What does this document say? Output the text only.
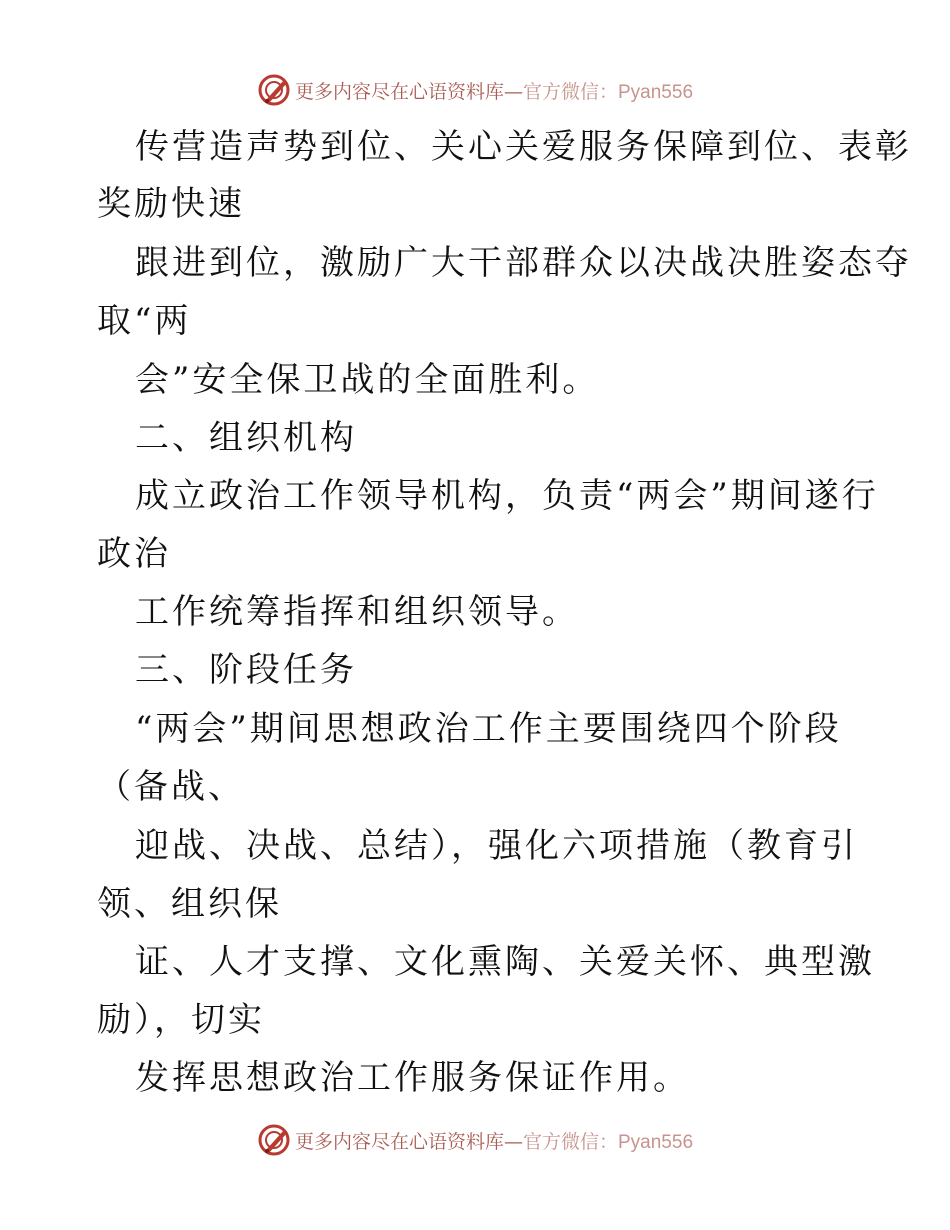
更多内容尽在心语资料库—官方微信：Pyan556
传营造声势到位、关心关爱服务保障到位、表彰
奖励快速
跟进到位，激励广大干部群众以决战决胜姿态夺
取“两
会”安全保卫战的全面胜利。
二、组织机构
成立政治工作领导机构，负责“两会”期间遂行
政治
工作统筹指挥和组织领导。
三、阶段任务
“两会”期间思想政治工作主要围绕四个阶段
（备战、
迎战、决战、总结），强化六项措施（教育引
领、组织保
证、人才支撑、文化熏陶、关爱关怀、典型激
励），切实
发挥思想政治工作服务保证作用。
更多内容尽在心语资料库—官方微信：Pyan556
